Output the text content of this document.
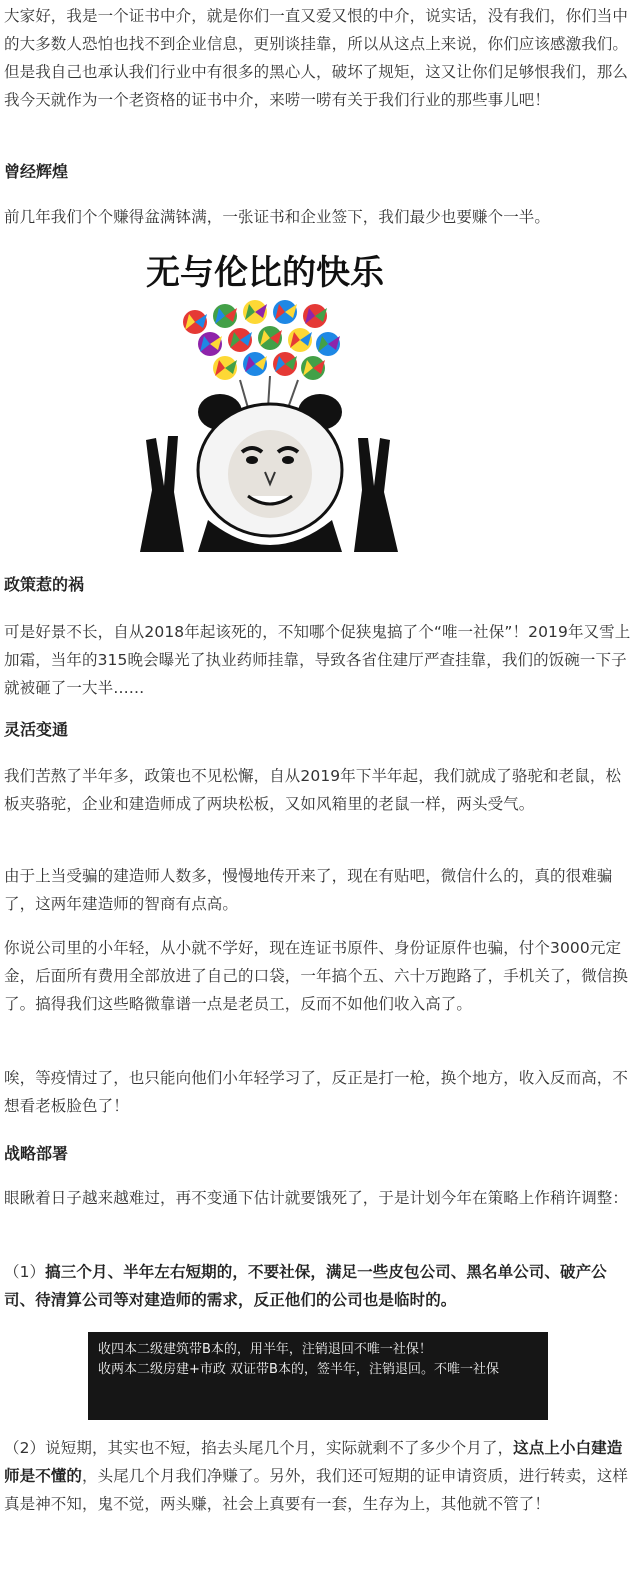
大家好，我是一个证书中介，就是你们一直又爱又恨的中介，说实话，没有我们，你们当中的大多数人恐怕也找不到企业信息，更别谈挂靠，所以从这点上来说，你们应该感激我们。但是我自己也承认我们行业中有很多的黑心人，破坏了规矩，这又让你们足够恨我们，那么我今天就作为一个老资格的证书中介，来唠一唠有关于我们行业的那些事儿吧！

曾经辉煌

前几年我们个个赚得盆满钵满，一张证书和企业签下，我们最少也要赚个一半。

无与伦比的快乐
政策惹的祸

可是好景不长，自从2018年起该死的，不知哪个促狭鬼搞了个“唯一社保”！2019年又雪上加霜，当年的315晚会曝光了执业药师挂靠，导致各省住建厅严查挂靠，我们的饭碗一下子就被砸了一大半……

灵活变通

我们苦熬了半年多，政策也不见松懈，自从2019年下半年起，我们就成了骆驼和老鼠，松板夹骆驼，企业和建造师成了两块松板，又如风箱里的老鼠一样，两头受气。

由于上当受骗的建造师人数多，慢慢地传开来了，现在有贴吧，微信什么的，真的很难骗了，这两年建造师的智商有点高。

你说公司里的小年轻，从小就不学好，现在连证书原件、身份证原件也骗，付个3000元定金，后面所有费用全部放进了自己的口袋，一年搞个五、六十万跑路了，手机关了，微信换了。搞得我们这些略微靠谱一点是老员工，反而不如他们收入高了。

唉，等疫情过了，也只能向他们小年轻学习了，反正是打一枪，换个地方，收入反而高，不想看老板脸色了！

战略部署

眼瞅着日子越来越难过，再不变通下估计就要饿死了，于是计划今年在策略上作稍许调整：

（1）搞三个月、半年左右短期的，不要社保，满足一些皮包公司、黑名单公司、破产公司、待清算公司等对建造师的需求，反正他们的公司也是临时的。

收四本二级建筑带B本的，用半年，注销退回不唯一社保！

收两本二级房建+市政 双证带B本的，签半年，注销退回。不唯一社保

（2）说短期，其实也不短，掐去头尾几个月，实际就剩不了多少个月了，这点上小白建造师是不懂的，头尾几个月我们净赚了。另外，我们还可短期的证申请资质，进行转卖，这样真是神不知，鬼不觉，两头赚，社会上真要有一套，生存为上，其他就不管了！
